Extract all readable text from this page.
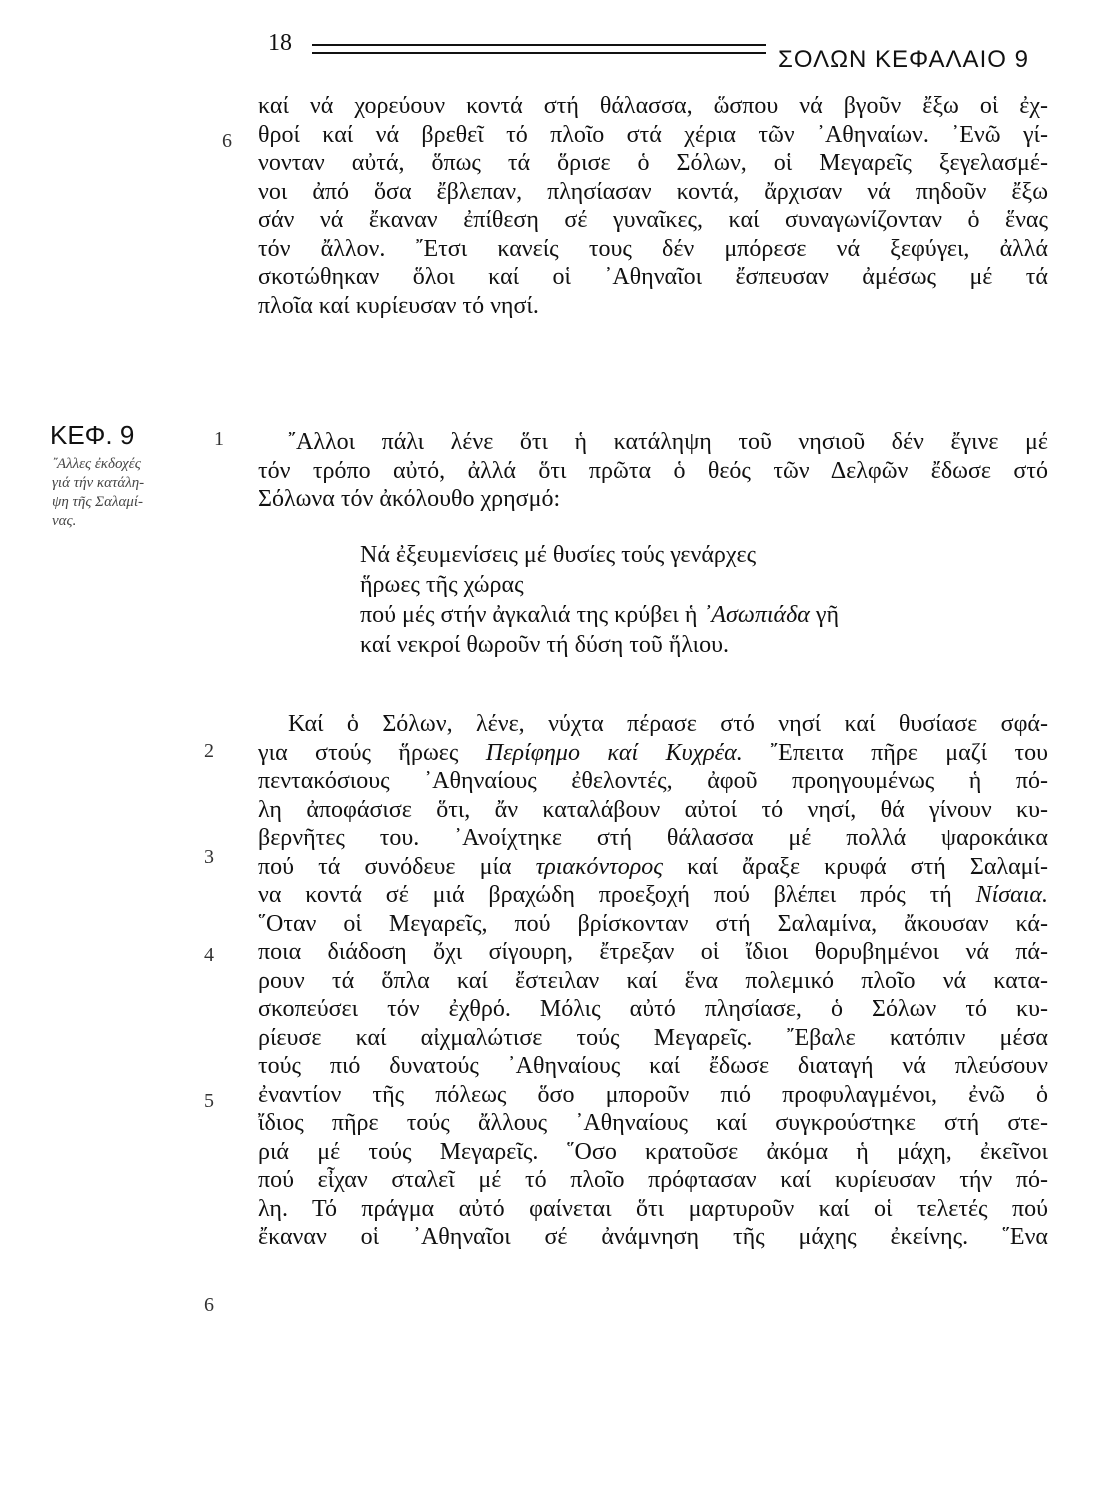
18
ΣΟΛΩΝ ΚΕΦΑΛΑΙΟ 9
καί νά χορεύουν κοντά στή θάλασσα, ὥσπου νά βγοῦν ἔξω οἱ ἐχ-
θροί καί νά βρεθεῖ τό πλοῖο στά χέρια τῶν ᾿Αθηναίων. ᾿Ενῶ γί-
νονταν αὐτά, ὅπως τά ὅρισε ὁ Σόλων, οἱ Μεγαρεῖς ξεγελασμέ-
νοι ἀπό ὅσα ἔβλεπαν, πλησίασαν κοντά, ἄρχισαν νά πηδοῦν ἔξω
σάν νά ἔκαναν ἐπίθεση σέ γυναῖκες, καί συναγωνίζονταν ὁ ἕνας
τόν ἄλλον. ῎Ετσι κανείς τους δέν μπόρεσε νά ξεφύγει, ἀλλά
σκοτώθηκαν ὅλοι καί οἱ ᾿Αθηναῖοι ἔσπευσαν ἀμέσως μέ τά
πλοῖα καί κυρίευσαν τό νησί.
6
ΚΕΦ. 9
῎Αλλες ἐκδοχές
γιά τήν κατάλη-
ψη τῆς Σαλαμί-
νας.
1	῎Αλλοι πάλι λένε ὅτι ἡ κατάληψη τοῦ νησιοῦ δέν ἔγινε μέ
τόν τρόπο αὐτό, ἀλλά ὅτι πρῶτα ὁ θεός τῶν Δελφῶν ἔδωσε στό
Σόλωνα τόν ἀκόλουθο χρησμό:
Νά ἐξευμενίσεις μέ θυσίες τούς γενάρχες
ἥρωες τῆς χώρας
πού μές στήν ἀγκαλιά της κρύβει ἡ ᾿Ασωπιάδα γῆ
καί νεκροί θωροῦν τή δύση τοῦ ἥλιου.
Καί ὁ Σόλων, λένε, νύχτα πέρασε στό νησί καί θυσίασε σφά-
για στούς ἥρωες Περίφημο καί Κυχρέα. ῎Επειτα πῆρε μαζί του
πεντακόσιους ᾿Αθηναίους ἐθελοντές, ἀφοῦ προηγουμένως ἡ πό-
λη ἀποφάσισε ὅτι, ἄν καταλάβουν αὐτοί τό νησί, θά γίνουν κυ-
βερνῆτες του. ᾿Ανοίχτηκε στή θάλασσα μέ πολλά ψαροκάικα
πού τά συνόδευε μία τριακόντορος καί ἄραξε κρυφά στή Σαλαμί-
να κοντά σέ μιά βραχώδη προεξοχή πού βλέπει πρός τή Νίσαια.
῞Οταν οἱ Μεγαρεῖς, πού βρίσκονταν στή Σαλαμίνα, ἄκουσαν κά-
ποια διάδοση ὄχι σίγουρη, ἔτρεξαν οἱ ἴδιοι θορυβημένοι νά πά-
ρουν τά ὅπλα καί ἔστειλαν καί ἕνα πολεμικό πλοῖο νά κατα-
σκοπεύσει τόν ἐχθρό. Μόλις αὐτό πλησίασε, ὁ Σόλων τό κυ-
ρίευσε καί αἰχμαλώτισε τούς Μεγαρεῖς. ῎Εβαλε κατόπιν μέσα
τούς πιό δυνατούς ᾿Αθηναίους καί ἔδωσε διαταγή νά πλεύσουν
ἐναντίον τῆς πόλεως ὅσο μποροῦν πιό προφυλαγμένοι, ἐνῶ ὁ
ἴδιος πῆρε τούς ἄλλους ᾿Αθηναίους καί συγκρούστηκε στή στε-
ριά μέ τούς Μεγαρεῖς. ῞Οσο κρατοῦσε ἀκόμα ἡ μάχη, ἐκεῖνοι
πού εἶχαν σταλεῖ μέ τό πλοῖο πρόφτασαν καί κυρίευσαν τήν πό-
λη. Τό πράγμα αὐτό φαίνεται ὅτι μαρτυροῦν καί οἱ τελετές πού
ἔκαναν οἱ ᾿Αθηναῖοι σέ ἀνάμνηση τῆς μάχης ἐκείνης. ῞Ενα
2
3
4
5
6
